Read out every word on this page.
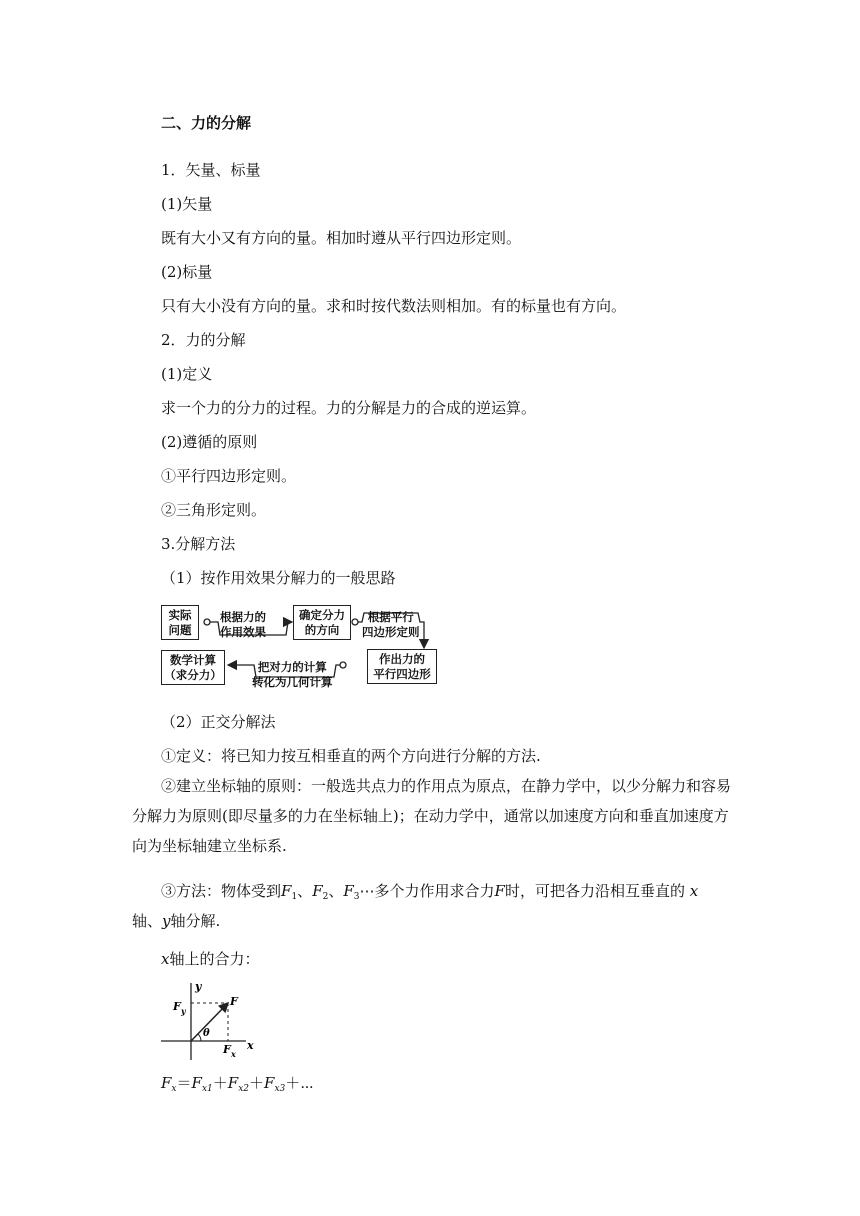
二、力的分解
1．矢量、标量
(1)矢量
既有大小又有方向的量。相加时遵从平行四边形定则。
(2)标量
只有大小没有方向的量。求和时按代数法则相加。有的标量也有方向。
2．力的分解
(1)定义
求一个力的分力的过程。力的分解是力的合成的逆运算。
(2)遵循的原则
①平行四边形定则。
②三角形定则。
3.分解方法
（1）按作用效果分解力的一般思路
实际
问题
根据力的
作用效果
确定分力
的方向
根据平行
四边形定则
作出力的
平行四边形
把对力的计算
转化为几何计算
数学计算
（求分力）
（2）正交分解法
①定义：将已知力按互相垂直的两个方向进行分解的方法.
②建立坐标轴的原则：一般选共点力的作用点为原点，在静力学中，以少分解力和容易分解力为原则(即尽量多的力在坐标轴上)；在动力学中，通常以加速度方向和垂直加速度方向为坐标轴建立坐标系.
③方法：物体受到$F_1$、$F_2$、$F_3\cdots$多个力作用求合力F时，可把各力沿相互垂直的 x 轴、y轴分解.
x轴上的合力：
y
x
F
F y
F x
θ
$F_x=F_{x1}+F_{x2}+F_{x3}+\cdots$
